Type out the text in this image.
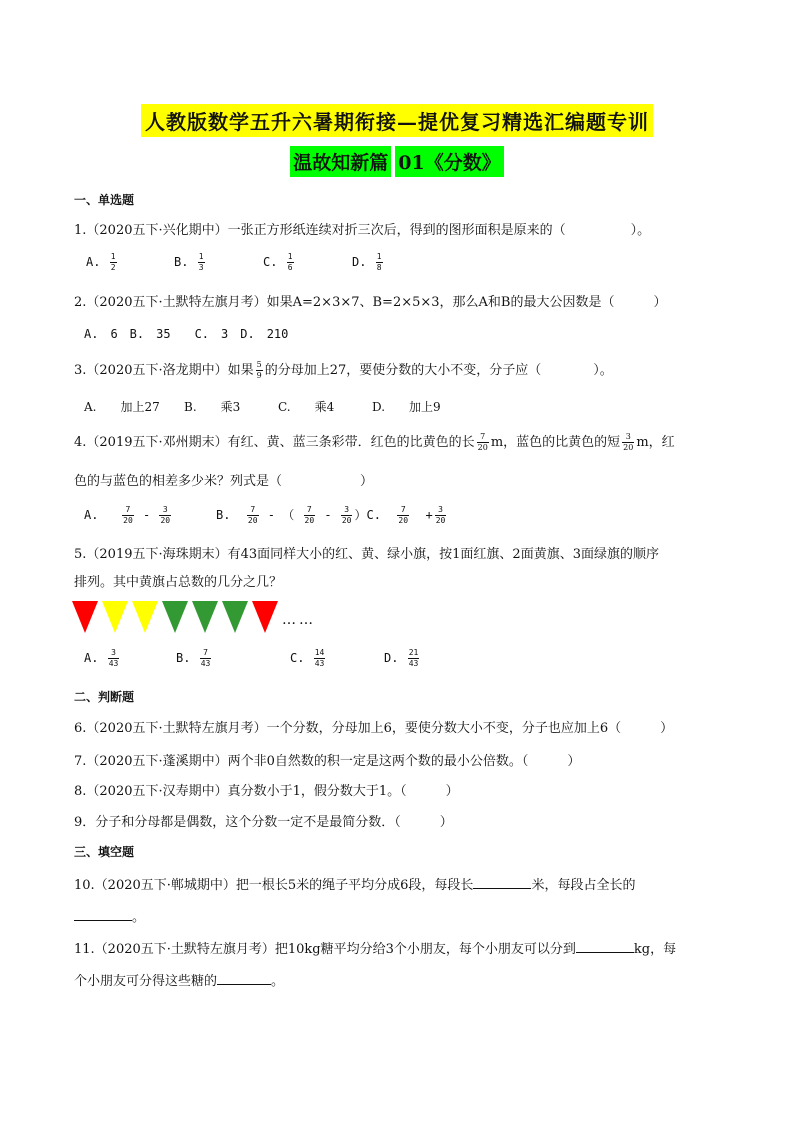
人教版数学五升六暑期衔接—提优复习精选汇编题专训
温故知新篇 01《分数》
一、单选题
1.（2020五下·兴化期中）一张正方形纸连续对折三次后，得到的图形面积是原来的（　　　　　）。
A. $\frac{1}{2}$	B. $\frac{1}{3}$	C. $\frac{1}{6}$	D. $\frac{1}{8}$
2.（2020五下·土默特左旗月考）如果A=2×3×7、B=2×5×3，那么A和B的最大公因数是（　　　）
A.　6　B.　35　　C.　3　D.　210
3.（2020五下·洛龙期中）如果 $\frac{5}{9}$ 的分母加上27，要使分数的大小不变，分子应（　　　　）。
A.　　加上27 B.　　乘3	C.　　乘4	D.　　加上9
4.（2019五下·邓州期末）有红、黄、蓝三条彩带．红色的比黄色的长 $\frac{7}{20}$ m，蓝色的比黄色的短 $\frac{3}{20}$ m，红
色的与蓝色的相差多少米？列式是（　　　　　　）
A.	$\frac{7}{20} - \frac{3}{20}$	B. $\frac{7}{20}$ - （ $\frac{7}{20} - \frac{3}{20} )C$. $\frac{7}{20} + \frac{3}{20}$
5.（2019五下·海珠期末）有43面同样大小的红、黄、绿小旗，按1面红旗、2面黄旗、3面绿旗的顺序
排列。其中黄旗占总数的几分之几？
……
A. $\frac{3}{43}$	B. $\frac{7}{43}$	C. $\frac{14}{43}$	D. $\frac{21}{43}$
二、判断题
6.（2020五下·土默特左旗月考）一个分数，分母加上6，要使分数大小不变，分子也应加上6（　　　）
7.（2020五下·蓬溪期中）两个非0自然数的积一定是这两个数的最小公倍数。（　　　）
8.（2020五下·汉寿期中）真分数小于1，假分数大于1。（　　　）
9．分子和分母都是偶数，这个分数一定不是最简分数．（　　　）
三、填空题
10.（2020五下·郸城期中）把一根长5米的绳子平均分成6段，每段长	米，每段占全长的
。
11.（2020五下·土默特左旗月考）把10kg糖平均分给3个小朋友，每个小朋友可以分到	kg，每
个小朋友可分得这些糖的	。
